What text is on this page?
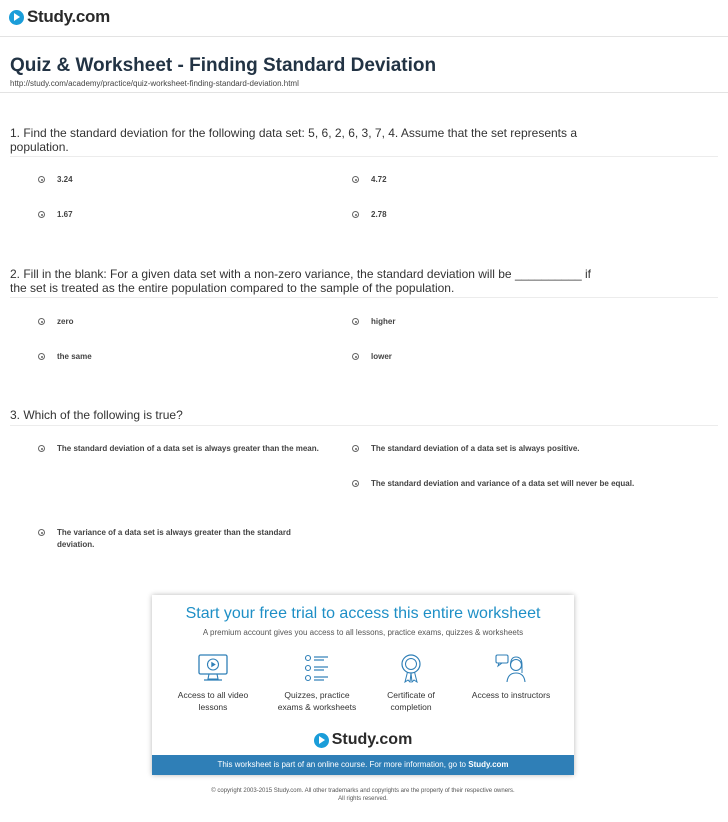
Study.com
Quiz & Worksheet - Finding Standard Deviation
http://study.com/academy/practice/quiz-worksheet-finding-standard-deviation.html
1. Find the standard deviation for the following data set: 5, 6, 2, 6, 3, 7, 4. Assume that the set represents a population.
3.24	4.72
1.67	2.78
2. Fill in the blank: For a given data set with a non-zero variance, the standard deviation will be __________ if the set is treated as the entire population compared to the sample of the population.
zero	higher
the same	lower
3. Which of the following is true?
The standard deviation of a data set is always greater than the mean.	The standard deviation of a data set is always positive.
The standard deviation and variance of a data set will never be equal.
The variance of a data set is always greater than the standard deviation.
Start your free trial to access this entire worksheet
A premium account gives you access to all lessons, practice exams, quizzes & worksheets
Access to all video lessons
Quizzes, practice exams & worksheets
Certificate of completion
Access to instructors
Study.com
This worksheet is part of an online course. For more information, go to Study.com
© copyright 2003-2015 Study.com. All other trademarks and copyrights are the property of their respective owners.
All rights reserved.
